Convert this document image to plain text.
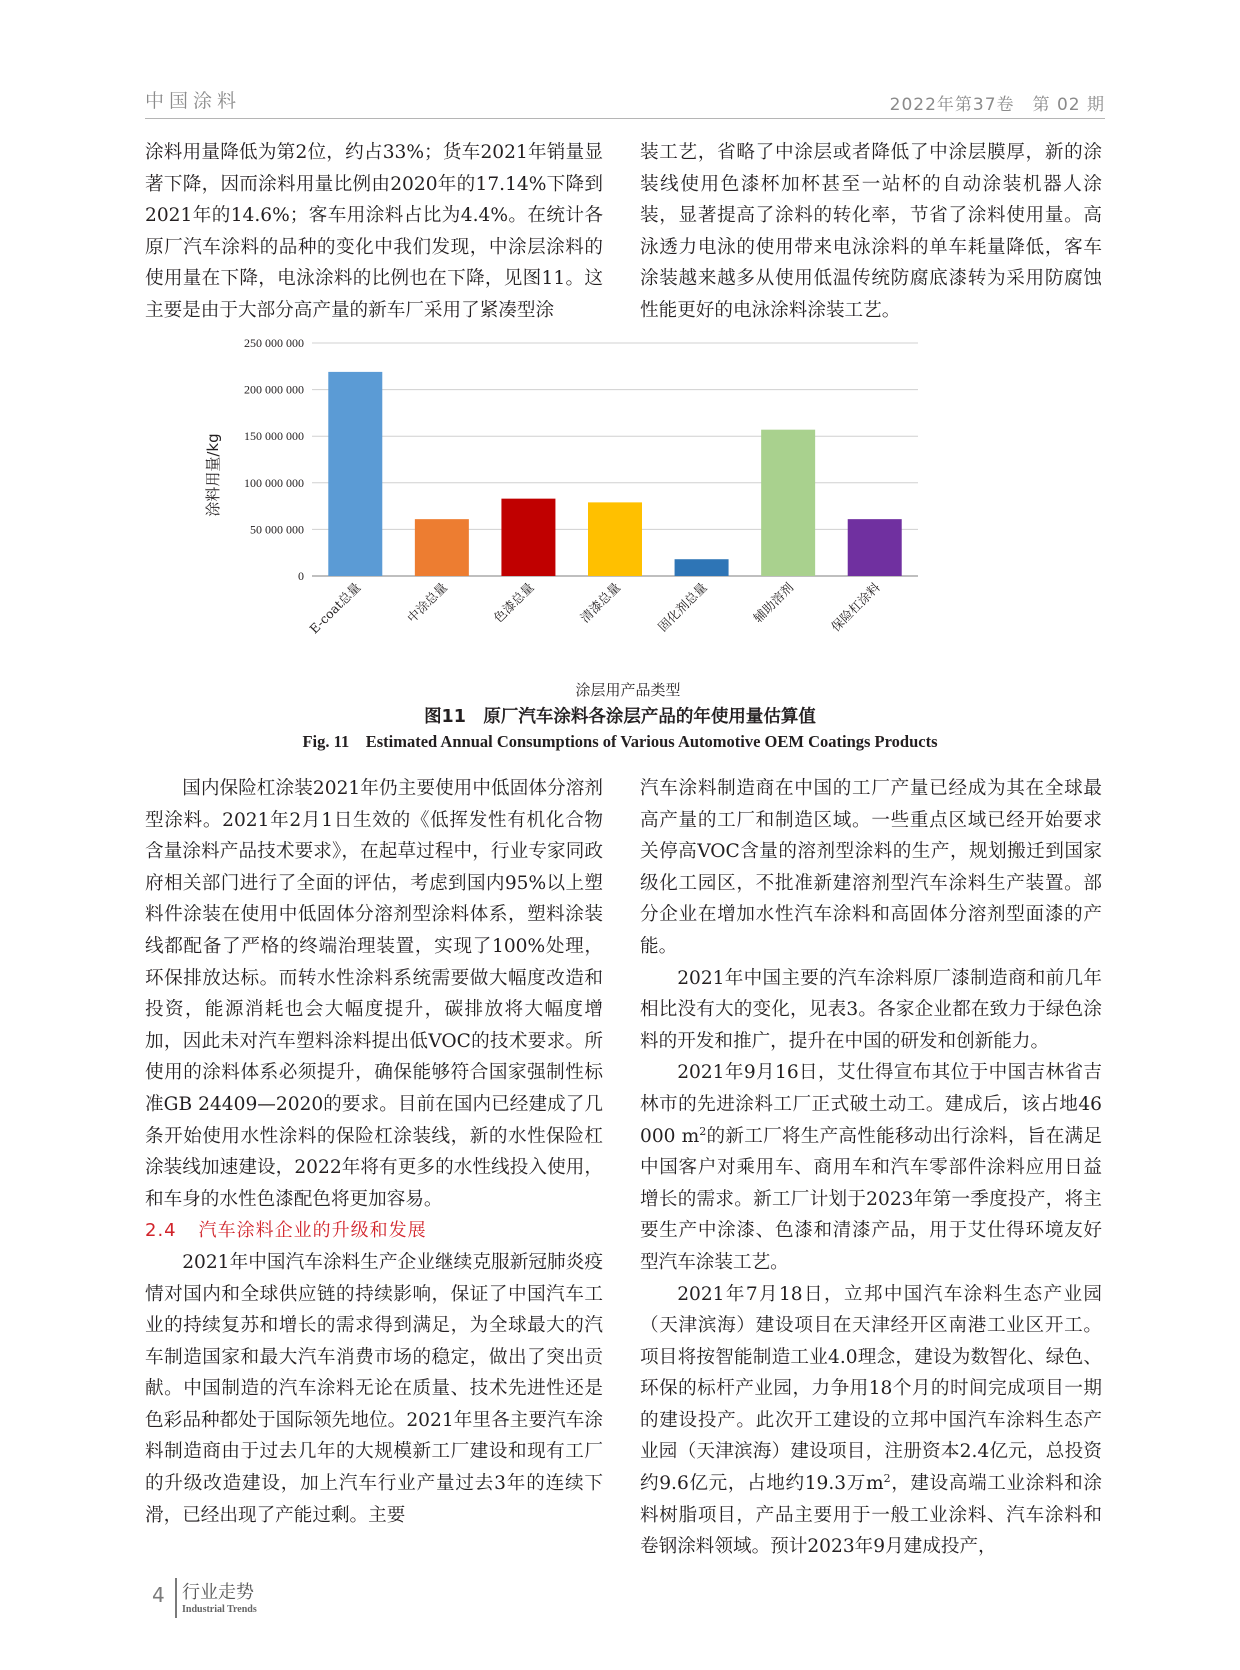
中国涂料	2022年第37卷　第 02 期

涂料用量降低为第2位，约占33%；货车2021年销量显著下降，因而涂料用量比例由2020年的17.14%下降到2021年的14.6%；客车用涂料占比为4.4%。在统计各原厂汽车涂料的品种的变化中我们发现，中涂层涂料的使用量在下降，电泳涂料的比例也在下降，见图11。这主要是由于大部分高产量的新车厂采用了紧凑型涂

装工艺，省略了中涂层或者降低了中涂层膜厚，新的涂装线使用色漆杯加杯甚至一站杯的自动涂装机器人涂装，显著提高了涂料的转化率，节省了涂料使用量。高泳透力电泳的使用带来电泳涂料的单车耗量降低，客车涂装越来越多从使用低温传统防腐底漆转为采用防腐蚀性能更好的电泳涂料涂装工艺。

0
50 000 000
100 000 000
150 000 000
200 000 000
250 000 000
E-coat总量	中涂总量	色漆总量	清漆总量	固化剂总量	辅助溶剂	保险杠涂料
涂料用量/kg
涂层用产品类型
图11　原厂汽车涂料各涂层产品的年使用量估算值
Fig. 11　Estimated Annual Consumptions of Various Automotive OEM Coatings Products

国内保险杠涂装2021年仍主要使用中低固体分溶剂型涂料。2021年2月1日生效的《低挥发性有机化合物含量涂料产品技术要求》，在起草过程中，行业专家同政府相关部门进行了全面的评估，考虑到国内95%以上塑料件涂装在使用中低固体分溶剂型涂料体系，塑料涂装线都配备了严格的终端治理装置，实现了100%处理，环保排放达标。而转水性涂料系统需要做大幅度改造和投资，能源消耗也会大幅度提升，碳排放将大幅度增加，因此未对汽车塑料涂料提出低VOC的技术要求。所使用的涂料体系必须提升，确保能够符合国家强制性标准GB 24409—2020的要求。目前在国内已经建成了几条开始使用水性涂料的保险杠涂装线，新的水性保险杠涂装线加速建设，2022年将有更多的水性线投入使用，和车身的水性色漆配色将更加容易。

2.4 汽车涂料企业的升级和发展

2021年中国汽车涂料生产企业继续克服新冠肺炎疫情对国内和全球供应链的持续影响，保证了中国汽车工业的持续复苏和增长的需求得到满足，为全球最大的汽车制造国家和最大汽车消费市场的稳定，做出了突出贡献。中国制造的汽车涂料无论在质量、技术先进性还是色彩品种都处于国际领先地位。2021年里各主要汽车涂料制造商由于过去几年的大规模新工厂建设和现有工厂的升级改造建设，加上汽车行业产量过去3年的连续下滑，已经出现了产能过剩。主要

汽车涂料制造商在中国的工厂产量已经成为其在全球最高产量的工厂和制造区域。一些重点区域已经开始要求关停高VOC含量的溶剂型涂料的生产，规划搬迁到国家级化工园区，不批准新建溶剂型汽车涂料生产装置。部分企业在增加水性汽车涂料和高固体分溶剂型面漆的产能。

2021年中国主要的汽车涂料原厂漆制造商和前几年相比没有大的变化，见表3。各家企业都在致力于绿色涂料的开发和推广，提升在中国的研发和创新能力。

2021年9月16日，艾仕得宣布其位于中国吉林省吉林市的先进涂料工厂正式破土动工。建成后，该占地46 000 $m^2$的新工厂将生产高性能移动出行涂料，旨在满足中国客户对乘用车、商用车和汽车零部件涂料应用日益增长的需求。新工厂计划于2023年第一季度投产，将主要生产中涂漆、色漆和清漆产品，用于艾仕得环境友好型汽车涂装工艺。

2021年7月18日，立邦中国汽车涂料生态产业园（天津滨海）建设项目在天津经开区南港工业区开工。项目将按智能制造工业4.0理念，建设为数智化、绿色、环保的标杆产业园，力争用18个月的时间完成项目一期的建设投产。此次开工建设的立邦中国汽车涂料生态产业园（天津滨海）建设项目，注册资本2.4亿元，总投资约9.6亿元，占地约19.3万$m^2$，建设高端工业涂料和涂料树脂项目，产品主要用于一般工业涂料、汽车涂料和卷钢涂料领域。预计2023年9月建成投产，

4 行业走势
Industrial Trends
